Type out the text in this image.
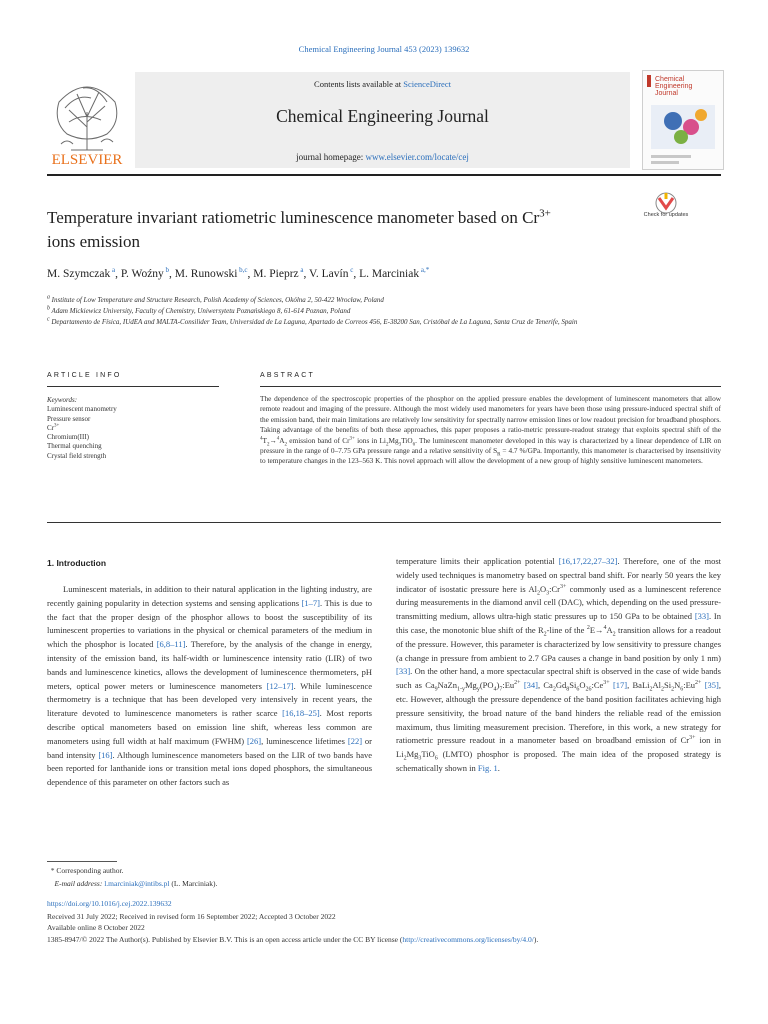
Chemical Engineering Journal 453 (2023) 139632
ELSEVIER
Contents lists available at ScienceDirect
Chemical Engineering Journal
journal homepage: www.elsevier.com/locate/cej
Chemical
Engineering
Journal
Temperature invariant ratiometric luminescence manometer based on $Cr^{3+}$
ions emission
Check for updates
M. Szymczak $^a$, P. Woźny $^b$, M. Runowski $^{b,c}$, M. Pieprz $^a$, V. Lavín $^c$, L. Marciniak $^{a,*}$
$^a$ Institute of Low Temperature and Structure Research, Polish Academy of Sciences, Okólna 2, 50-422 Wrocław, Poland
$^b$ Adam Mickiewicz University, Faculty of Chemistry, Uniwersytetu Poznańskiego 8, 61-614 Poznan, Poland
$^c$ Departamento de Física, IUdEA and MALTA-Consilider Team, Universidad de La Laguna, Apartado de Correos 456, E-38200 San, Cristóbal de La Laguna, Santa Cruz de Tenerife, Spain
ARTICLE INFO
Keywords:
Luminescent manometry
Pressure sensor
$Cr^{3+}$
Chromium(III)
Thermal quenching
Crystal field strength
ABSTRACT
The dependence of the spectroscopic properties of the phosphor on the applied pressure enables the development of luminescent manometers that allow remote readout and imaging of the pressure. Although the most widely used manometers for years have been those using pressure-induced spectral shift of the emission band, their main limitations are relatively low sensitivity for spectrally narrow emission lines or low readout precision for broadband phosphors. Taking advantage of the benefits of both these approaches, this paper proposes a ratio-metric pressure-readout strategy that exploits spectral shift of the $^4T_2\to^4A_2$ emission band of $Cr^{3+}$ ions in $Li_2Mg_3TiO_6$. The luminescent manometer developed in this way is characterized by a linear dependence of LIR on pressure in the range of 0–7.75 GPa pressure range and a relative sensitivity of $S_R = 4.7$ %/GPa. Importantly, this manometer is characterised by insensitivity to temperature changes in the 123–563 K. This novel approach will allow the development of a new group of highly sensitive luminescent manometers.
1. Introduction
Luminescent materials, in addition to their natural application in the lighting industry, are recently gaining popularity in detection systems and sensing applications [1–7]. This is due to the fact that the proper design of the phosphor allows to boost the susceptibility of its luminescent properties to variations in the physical or chemical parameters of the medium in which the phosphor is located [6,8–11]. Therefore, by the analysis of the change in energy, intensity of the emission band, its half-width or luminescence intensity ratio (LIR) of two bands and luminescence kinetics, allows the development of luminescence thermometers, pH meters, optical power meters or luminescence manometers [12–17]. While luminescence thermometry is a technique that has been developed very intensively in recent years, the literature devoted to luminescence manometers is rather scarce [16,18–25]. Most reports describe optical manometers based on emission line shift, whereas less common are manometers using full width at half maximum (FWHM) [26], luminescence lifetimes [22] or band intensity [16]. Although luminescence manometers based on the LIR of two bands have been reported for lanthanide ions or transition metal ions doped phosphors, the simultaneous dependence of this parameter on other factors such as
temperature limits their application potential [16,17,22,27–32]. Therefore, one of the most widely used techniques is manometry based on spectral band shift. For nearly 50 years the key indicator of isostatic pressure here is $Al_2O_3:Cr^{3+}$ commonly used as a luminescent reference during measurements in the diamond anvil cell (DAC), which, depending on the used pressure-transmitting medium, allows ultra-high static pressures up to 150 GPa to be obtained [33]. In this case, the monotonic blue shift of the $R_2$-line of the $^2E\to^4A_2$ transition allows for a readout of the pressure. However, this parameter is characterized by low sensitivity to pressure changes (a change in pressure from ambient to 2.7 GPa causes a change in band position by only 1 nm) [33]. On the other hand, a more spectacular spectral shift is observed in the case of wide bands such as $Ca_9NaZn_{1-y}Mg_y(PO_4)_7:Eu^{2+}$ [34], $Ca_2Gd_8Si_6O_{26}:Ce^{3+}$ [17], $BaLi_2Al_2Si_2N_6:Eu^{2+}$ [35], etc. However, although the pressure dependence of the band position facilitates achieving high pressure sensitivity, the broad nature of the band hinders the reliable read of the emission maximum, thus limiting measurement precision. Therefore, in this work, a new strategy for ratiometric pressure readout in a manometer based on broadband emission of $Cr^{3+}$ ion in $Li_2Mg_3TiO_6$ (LMTO) phosphor is proposed. The main idea of the proposed strategy is schematically shown in Fig. 1.
* Corresponding author.
E-mail address: l.marciniak@intibs.pl (L. Marciniak).
https://doi.org/10.1016/j.cej.2022.139632
Received 31 July 2022; Received in revised form 16 September 2022; Accepted 3 October 2022
Available online 8 October 2022
1385-8947/© 2022 The Author(s). Published by Elsevier B.V. This is an open access article under the CC BY license (http://creativecommons.org/licenses/by/4.0/).
